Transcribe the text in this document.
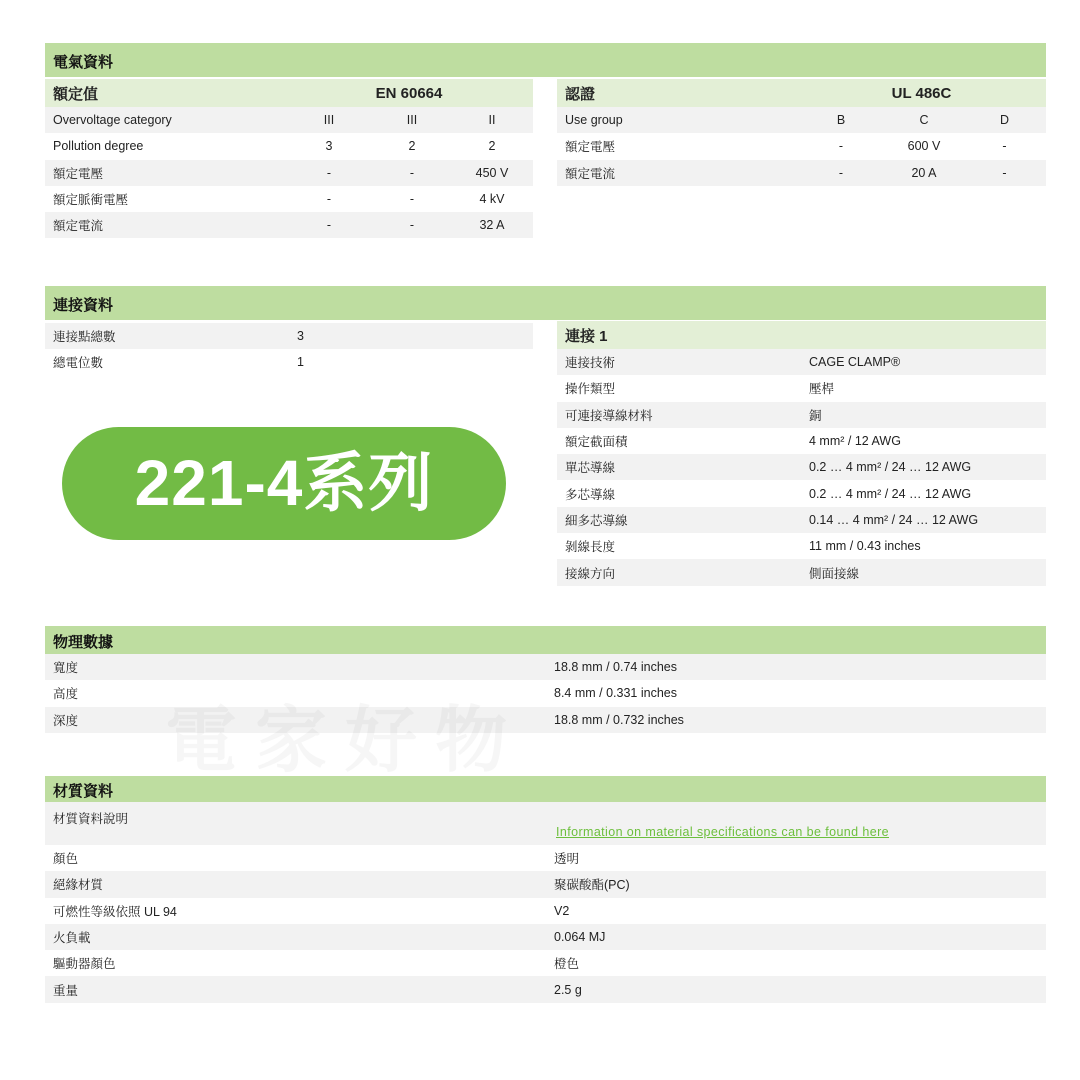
電氣資料
額定值	EN 60664
Overvoltage category	III	III	II
Pollution degree	3	2	2
額定電壓	-	-	450 V
額定脈衝電壓	-	-	4 kV
額定電流	-	-	32 A
認證	UL 486C
Use group	B	C	D
額定電壓	-	600 V	-
額定電流	-	20 A	-
連接資料
連接點總數	3
總電位數	1
連接 1
連接技術	CAGE CLAMP®
操作類型	壓桿
可連接導線材料	銅
額定截面積	4 mm² / 12 AWG
單芯導線	0.2 … 4 mm² / 24 … 12 AWG
多芯導線	0.2 … 4 mm² / 24 … 12 AWG
細多芯導線	0.14 … 4 mm² / 24 … 12 AWG
剝線長度	11 mm / 0.43 inches
接線方向	側面接線
221-4系列
物理數據
寬度	18.8 mm / 0.74 inches
高度	8.4 mm / 0.331 inches
深度	18.8 mm / 0.732 inches
材質資料
材質資料說明
Information on material specifications can be found here
顏色	透明
絕緣材質	聚碳酸酯(PC)
可燃性等級依照 UL 94	V2
火負載	0.064 MJ
驅動器顏色	橙色
重量	2.5 g
